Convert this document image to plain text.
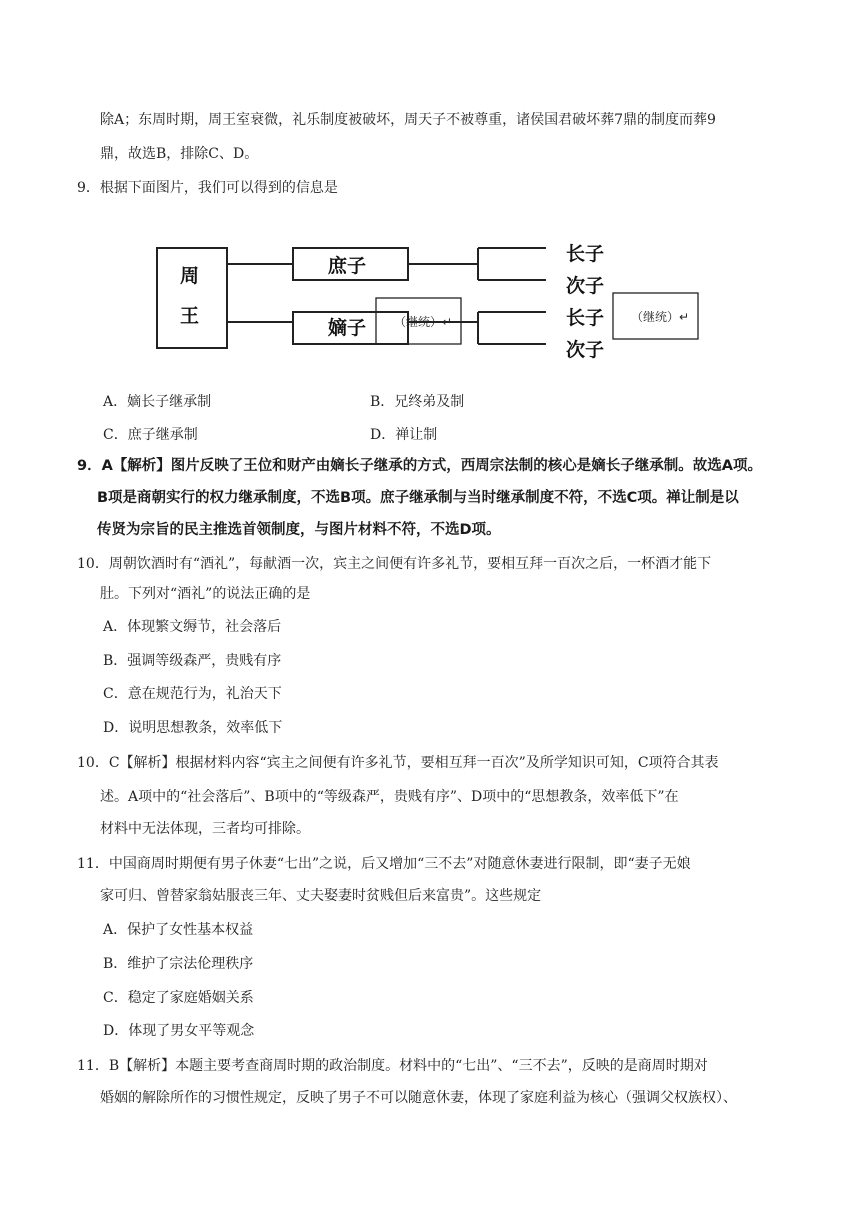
除A；东周时期，周王室衰微，礼乐制度被破坏，周天子不被尊重，诸侯国君破坏葬7鼎的制度而葬9
鼎，故选B，排除C、D。
9．根据下面图片，我们可以得到的信息是
周
王
庶子
嫡子
长子
次子
长子
次子
（继统）↵	（继统）↵
A．嫡长子继承制	B．兄终弟及制
C．庶子继承制	D．禅让制
9．A【解析】图片反映了王位和财产由嫡长子继承的方式，西周宗法制的核心是嫡长子继承制。故选A项。
B项是商朝实行的权力继承制度，不选B项。庶子继承制与当时继承制度不符，不选C项。禅让制是以
传贤为宗旨的民主推选首领制度，与图片材料不符，不选D项。
10．周朝饮酒时有“酒礼”，每献酒一次，宾主之间便有许多礼节，要相互拜一百次之后，一杯酒才能下
肚。下列对“酒礼”的说法正确的是
A．体现繁文缛节，社会落后
B．强调等级森严，贵贱有序
C．意在规范行为，礼治天下
D．说明思想教条，效率低下
10．C【解析】根据材料内容“宾主之间便有许多礼节，要相互拜一百次”及所学知识可知，C项符合其表
述。A项中的“社会落后”、B项中的“等级森严，贵贱有序”、D项中的“思想教条，效率低下”在
材料中无法体现，三者均可排除。
11．中国商周时期便有男子休妻“七出”之说，后又增加“三不去”对随意休妻进行限制，即“妻子无娘
家可归、曾替家翁姑服丧三年、丈夫娶妻时贫贱但后来富贵”。这些规定
A．保护了女性基本权益
B．维护了宗法伦理秩序
C．稳定了家庭婚姻关系
D．体现了男女平等观念
11．B【解析】本题主要考查商周时期的政治制度。材料中的“七出”、“三不去”，反映的是商周时期对
婚姻的解除所作的习惯性规定，反映了男子不可以随意休妻，体现了家庭利益为核心（强调父权族权）、
